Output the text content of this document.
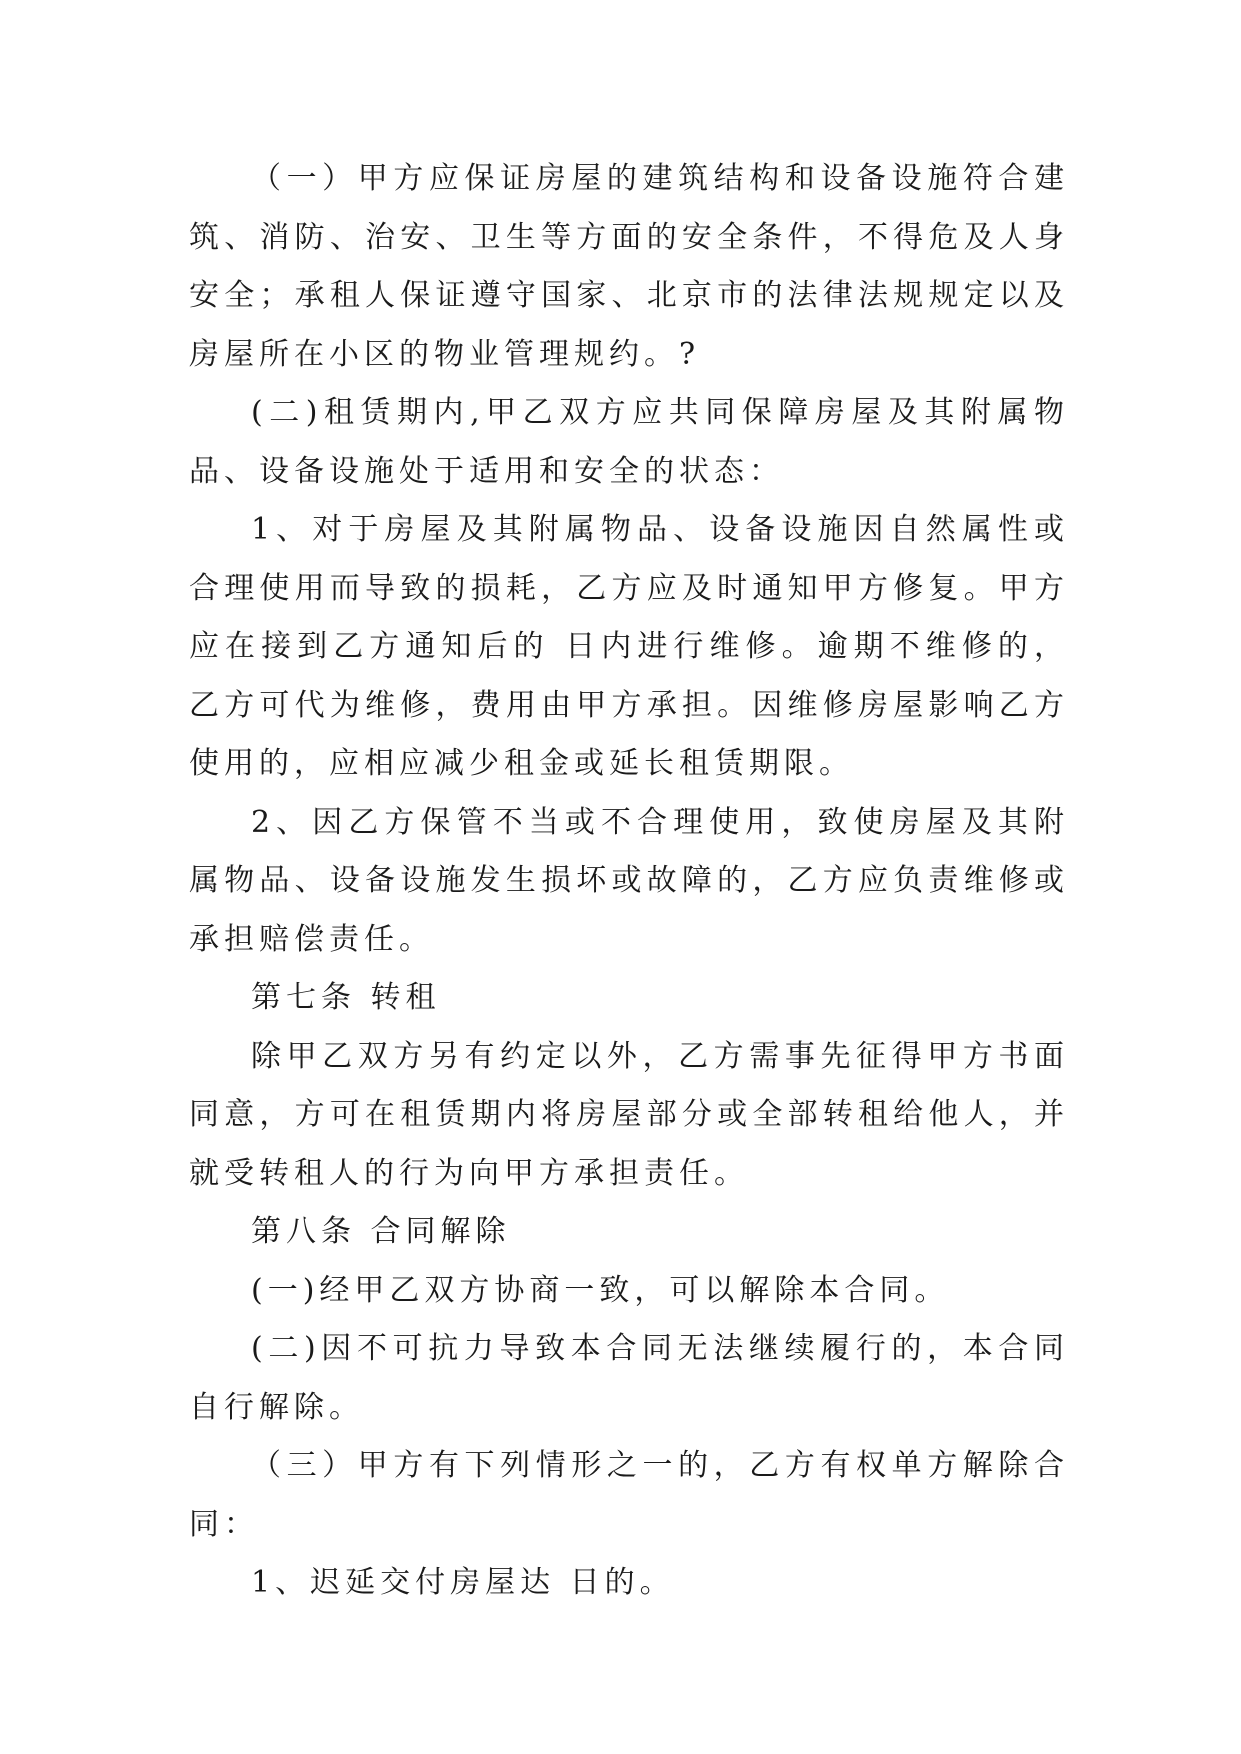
（一）甲方应保证房屋的建筑结构和设备设施符合建筑、消防、治安、卫生等方面的安全条件，不得危及人身安全；承租人保证遵守国家、北京市的法律法规规定以及房屋所在小区的物业管理规约。?

(二)租赁期内,甲乙双方应共同保障房屋及其附属物品、设备设施处于适用和安全的状态：

1、对于房屋及其附属物品、设备设施因自然属性或合理使用而导致的损耗，乙方应及时通知甲方修复。甲方应在接到乙方通知后的 日内进行维修。逾期不维修的，乙方可代为维修，费用由甲方承担。因维修房屋影响乙方使用的，应相应减少租金或延长租赁期限。

2、因乙方保管不当或不合理使用，致使房屋及其附属物品、设备设施发生损坏或故障的，乙方应负责维修或承担赔偿责任。

第七条 转租

除甲乙双方另有约定以外，乙方需事先征得甲方书面同意，方可在租赁期内将房屋部分或全部转租给他人，并就受转租人的行为向甲方承担责任。

第八条 合同解除

(一)经甲乙双方协商一致，可以解除本合同。

(二)因不可抗力导致本合同无法继续履行的，本合同自行解除。

（三）甲方有下列情形之一的，乙方有权单方解除合同：

1、迟延交付房屋达 日的。
